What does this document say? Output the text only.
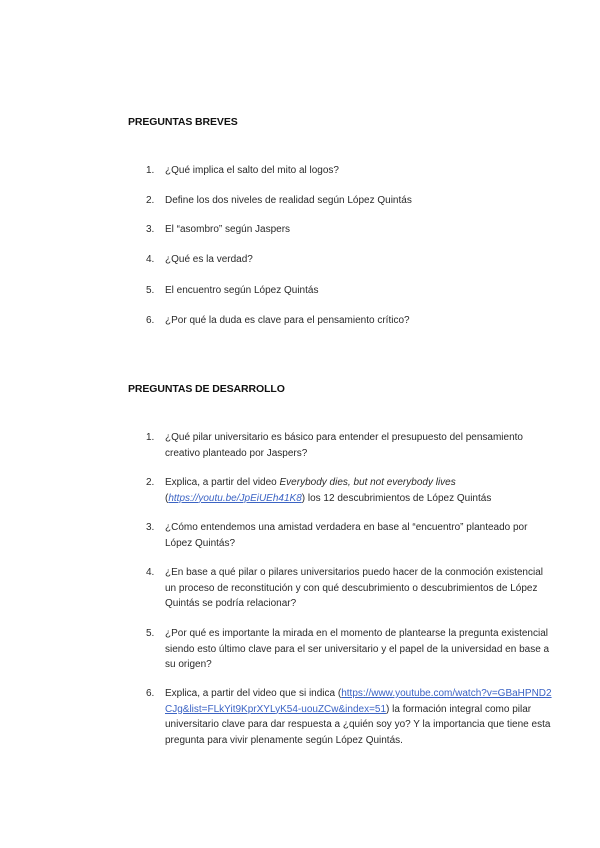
PREGUNTAS BREVES
1.	¿Qué implica el salto del mito al logos?
2.	Define los dos niveles de realidad según López Quintás
3.	El “asombro” según Jaspers
4.	¿Qué es la verdad?
5.	El encuentro según López Quintás
6.	¿Por qué la duda es clave para el pensamiento crítico?
PREGUNTAS DE DESARROLLO
1.	¿Qué pilar universitario es básico para entender el presupuesto del pensamiento creativo planteado por Jaspers?
2.	Explica, a partir del video Everybody dies, but not everybody lives (https://youtu.be/JpEiUEh41K8) los 12 descubrimientos de López Quintás
3.	¿Cómo entendemos una amistad verdadera en base al “encuentro” planteado por López Quintás?
4.	¿En base a qué pilar o pilares universitarios puedo hacer de la conmoción existencial un proceso de reconstitución y con qué descubrimiento o descubrimientos de López Quintás se podría relacionar?
5.	¿Por qué es importante la mirada en el momento de plantearse la pregunta existencial siendo esto último clave para el ser universitario y el papel de la universidad en base a su origen?
6.	Explica, a partir del video que si indica (https://www.youtube.com/watch?v=GBaHPND2CJg&list=FLkYit9KprXYLyK54-uouZCw&index=51) la formación integral como pilar universitario clave para dar respuesta a ¿quién soy yo? Y la importancia que tiene esta pregunta para vivir plenamente según López Quintás.
